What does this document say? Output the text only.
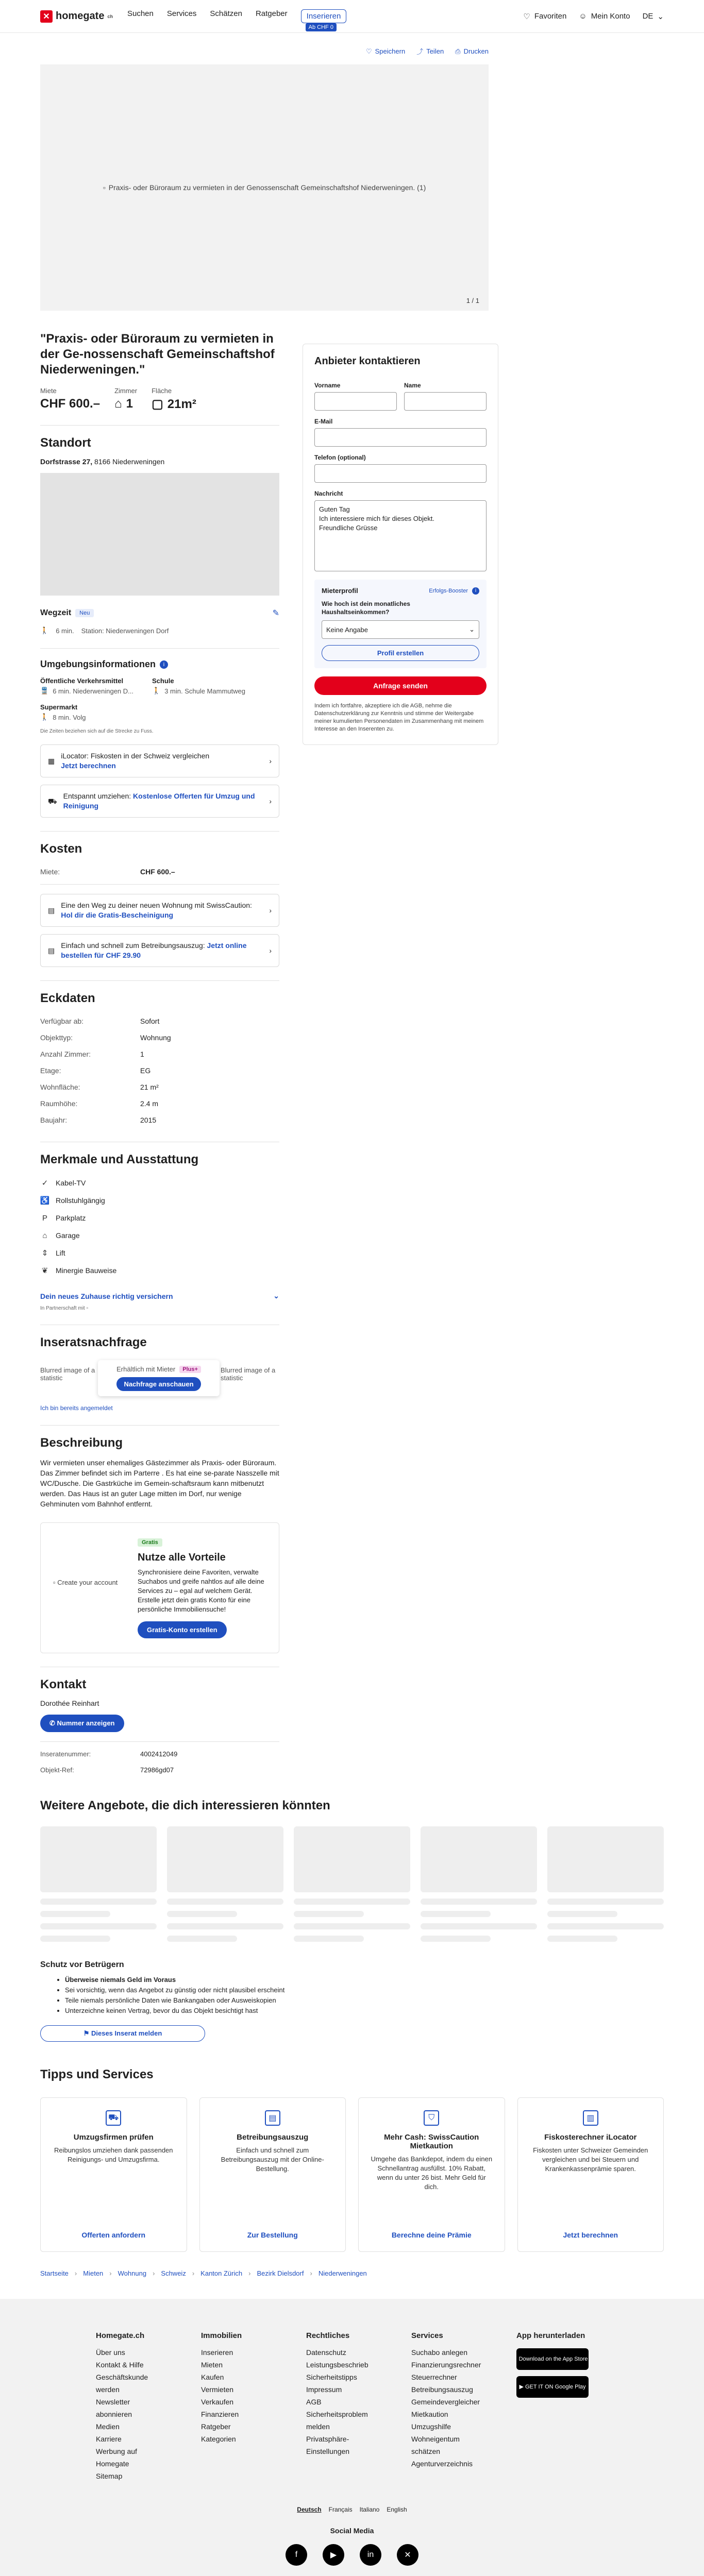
✕ homegate ch Suchen Services Schätzen Ratgeber	Inserieren
Ab CHF 0
♡ Favoriten ☺ Mein Konto DE ⌄
♡ Speichern ⤴ Teilen ⎙ Drucken
▫ Praxis- oder Büroraum zu vermieten in der Genossenschaft Gemeinschaftshof Niederweningen. (1)
1 / 1
Anbieter kontaktieren
Vorname	Name
E-Mail
Telefon (optional)
Nachricht
Guten Tag
Ich interessiere mich für dieses Objekt.
Freundliche Grüsse
Mieterprofil	Erfolgs-Booster	i
Wie hoch ist dein monatliches Haushaltseinkommen?
Keine Angabe	⌄
Profil erstellen
Anfrage senden
Indem ich fortfahre, akzeptiere ich die AGB, nehme die Datenschutzerklärung zur Kenntnis und stimme der Weitergabe meiner kumulierten Personendaten im Zusammenhang mit meinem Interesse an den Inserenten zu.
"Praxis- oder Büroraum zu vermieten in der Ge-nossenschaft Gemeinschaftshof Niederweningen."
Miete
CHF 600.–
Zimmer
⌂ 1
Fläche
▢ 21m²
Standort
Dorfstrasse 27, 8166 Niederweningen
Wegzeit	Neu	✎
🚶 6 min. Station: Niederweningen Dorf
Umgebungsinformationen	i
Öffentliche Verkehrsmittel
🚆 6 min. Niederweningen D...
Schule
🚶 3 min. Schule Mammutweg
Supermarkt
🚶 8 min. Volg
Die Zeiten beziehen sich auf die Strecke zu Fuss.
▦
iLocator: Fiskosten in der Schweiz vergleichen
Jetzt berechnen
›
⛟
Entspannt umziehen: Kostenlose Offerten für Umzug und Reinigung
›
Kosten
Miete:	CHF 600.–
▤
Eine den Weg zu deiner neuen Wohnung mit SwissCaution: Hol dir die Gratis-Bescheinigung
›
▤
Einfach und schnell zum Betreibungsauszug: Jetzt online bestellen für CHF 29.90
›
Eckdaten
Verfügbar ab:	Sofort
Objekttyp:	Wohnung
Anzahl Zimmer:	1
Etage:	EG
Wohnfläche:	21 m²
Raumhöhe:	2.4 m
Baujahr:	2015
Merkmale und Ausstattung
✓ Kabel-TV
♿ Rollstuhlgängig
P Parkplatz
⌂	Garage
⇕ Lift
❦ Minergie Bauweise
Dein neues Zuhause richtig versichern	⌄
In Partnerschaft mit ▫
Inseratsnachfrage
Blurred image of a statistic
Blurred image of a statistic
Erhältlich mit Mieter	Plus+
Nachfrage anschauen
Ich bin bereits angemeldet
Beschreibung

Wir vermieten unser ehemaliges Gästezimmer als Praxis- oder Büroraum. Das Zimmer befindet sich im Parterre . Es hat eine se-parate Nasszelle mit WC/Dusche. Die Gastrküche im Gemein-schaftsraum kann mitbenutzt werden. Das Haus ist an guter Lage mitten im Dorf, nur wenige Gehminuten vom Bahnhof entfernt.

▫ Create your account
Gratis
Nutze alle Vorteile

Synchronisiere deine Favoriten, verwalte Suchabos und greife nahtlos auf alle deine Services zu – egal auf welchem Gerät. Erstelle jetzt dein gratis Konto für eine persönliche Immobiliensuche!

Gratis-Konto erstellen
Kontakt
Dorothée Reinhart
✆ Nummer anzeigen
Inseratenummer:	4002412049
Objekt-Ref:	72986gd07
Weitere Angebote, die dich interessieren könnten
Schutz vor Betrügern
• Überweise niemals Geld im Voraus
• Sei vorsichtig, wenn das Angebot zu günstig oder nicht plausibel erscheint
• Teile niemals persönliche Daten wie Bankangaben oder Ausweiskopien
• Unterzeichne keinen Vertrag, bevor du das Objekt besichtigt hast
⚑ Dieses Inserat melden
Tipps und Services
⛟
Umzugsfirmen prüfen

Reibungslos umziehen dank passenden Reinigungs- und Umzugsfirma.

Offerten anfordern
▤
Betreibungsauszug

Einfach und schnell zum Betreibungsauszug mit der Online-Bestellung.

Zur Bestellung
⛉
Mehr Cash: SwissCaution Mietkaution

Umgehe das Bankdepot, indem du einen Schnellantrag ausfüllst. 10% Rabatt, wenn du unter 26 bist. Mehr Geld für dich.

Berechne deine Prämie
▥
Fiskosterechner iLocator

Fiskosten unter Schweizer Gemeinden vergleichen und bei Steuern und Krankenkassenprämie sparen.

Jetzt berechnen
Startseite › Mieten › Wohnung › Schweiz › Kanton Zürich › Bezirk Dielsdorf › Niederweningen
Homegate.ch
Über uns
Kontakt & Hilfe
Geschäftskunde werden
Newsletter abonnieren
Medien
Karriere
Werbung auf Homegate
Sitemap
Immobilien
Inserieren
Mieten
Kaufen
Vermieten
Verkaufen
Finanzieren
Ratgeber
Kategorien
Rechtliches
Datenschutz
Leistungsbeschrieb
Sicherheitstipps
Impressum
AGB
Sicherheitsproblem melden
Privatsphäre-Einstellungen
Services
Suchabo anlegen
Finanzierungsrechner
Steuerrechner
Betreibungsauszug
Gemeindevergleicher
Mietkaution
Umzugshilfe
Wohneigentum schätzen
Agenturverzeichnis
App herunterladen

Download on the App Store
▶
GET IT ON Google Play
Deutsch Français Italiano English
Social Media
f	▶	in	✕
